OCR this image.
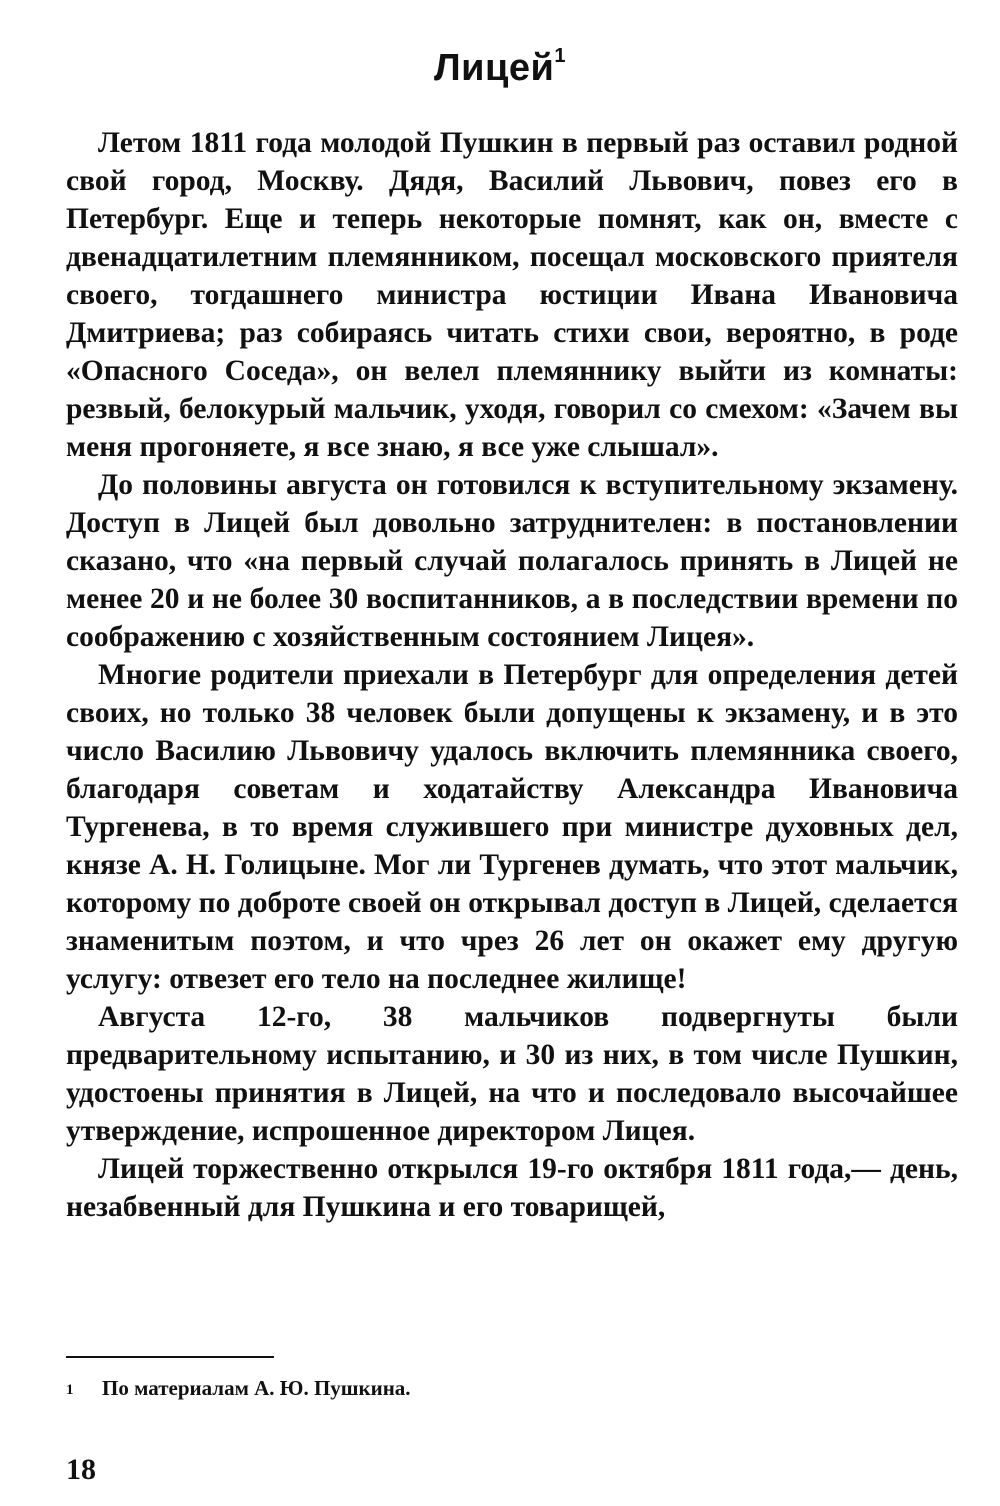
Лицей$^1$

Летом 1811 года молодой Пушкин в первый раз оставил родной свой город, Москву. Дядя, Василий Львович, повез его в Петербург. Еще и теперь некоторые помнят, как он, вместе с двенадцатилетним племянником, посещал московского приятеля своего, тогдашнего министра юстиции Ивана Ивановича Дмитриева; раз собираясь читать стихи свои, вероятно, в роде «Опасного Соседа», он велел племяннику выйти из комнаты: резвый, белокурый мальчик, уходя, говорил со смехом: «Зачем вы меня прогоняете, я все знаю, я все уже слышал».

До половины августа он готовился к вступительному экзамену. Доступ в Лицей был довольно затруднителен: в постановлении сказано, что «на первый случай полагалось принять в Лицей не менее 20 и не более 30 воспитанников, а в последствии времени по соображению с хозяйственным состоянием Лицея».

Многие родители приехали в Петербург для определения детей своих, но только 38 человек были допущены к экзамену, и в это число Василию Львовичу удалось включить племянника своего, благодаря советам и ходатайству Александра Ивановича Тургенева, в то время служившего при министре духовных дел, князе А. Н. Голицыне. Мог ли Тургенев думать, что этот мальчик, которому по доброте своей он открывал доступ в Лицей, сделается знаменитым поэтом, и что чрез 26 лет он окажет ему другую услугу: отвезет его тело на последнее жилище!

Августа 12-го, 38 мальчиков подвергнуты были предварительному испытанию, и 30 из них, в том числе Пушкин, удостоены принятия в Лицей, на что и последовало высочайшее утверждение, испрошенное директором Лицея.

Лицей торжественно открылся 19-го октября 1811 года,— день, незабвенный для Пушкина и его товарищей,

1 По материалам А. Ю. Пушкина.
18
